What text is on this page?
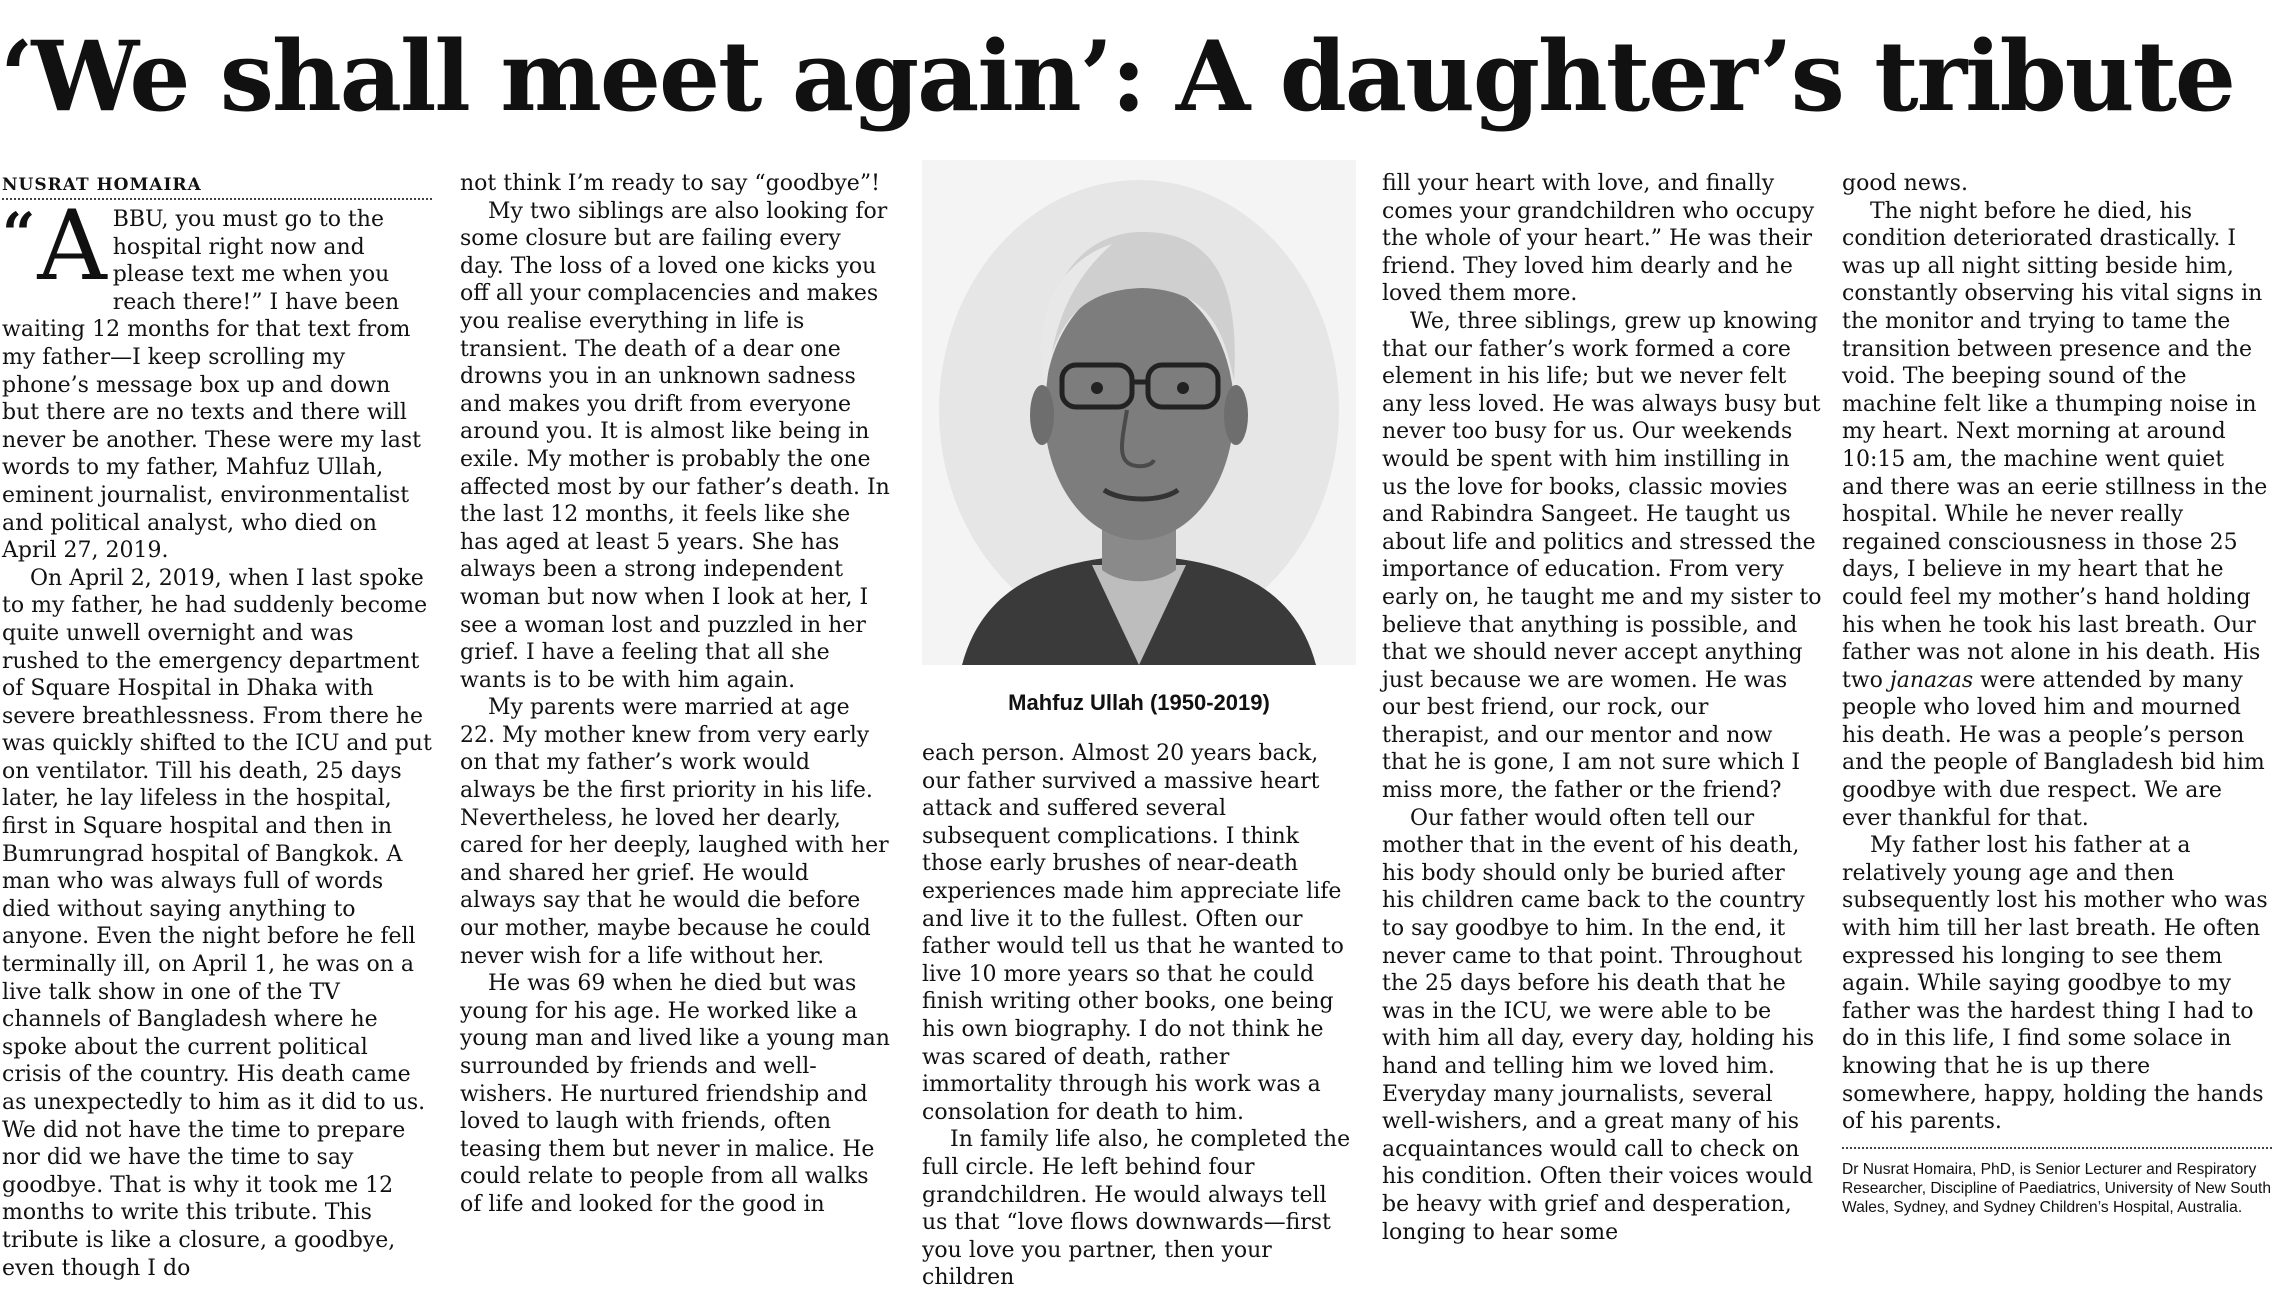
‘We shall meet again’: A daughter’s tribute
NUSRAT HOMAIRA

“ A BBU, you must go to the hospital right now and please text me when you reach there!” I have been waiting 12 months for that text from my father—I keep scrolling my phone’s message box up and down but there are no texts and there will never be another. These were my last words to my father, Mahfuz Ullah, eminent journalist, environmentalist and political analyst, who died on April 27, 2019.

On April 2, 2019, when I last spoke to my father, he had suddenly become quite unwell overnight and was rushed to the emergency department of Square Hospital in Dhaka with severe breathlessness. From there he was quickly shifted to the ICU and put on ventilator. Till his death, 25 days later, he lay lifeless in the hospital, first in Square hospital and then in Bumrungrad hospital of Bangkok. A man who was always full of words died without saying anything to anyone. Even the night before he fell terminally ill, on April 1, he was on a live talk show in one of the TV channels of Bangladesh where he spoke about the current political crisis of the country. His death came as unexpectedly to him as it did to us. We did not have the time to prepare nor did we have the time to say goodbye. That is why it took me 12 months to write this tribute. This tribute is like a closure, a goodbye, even though I do

not think I’m ready to say “goodbye”!

My two siblings are also looking for some closure but are failing every day. The loss of a loved one kicks you off all your complacencies and makes you realise everything in life is transient. The death of a dear one drowns you in an unknown sadness and makes you drift from everyone around you. It is almost like being in exile. My mother is probably the one affected most by our father’s death. In the last 12 months, it feels like she has aged at least 5 years. She has always been a strong independent woman but now when I look at her, I see a woman lost and puzzled in her grief. I have a feeling that all she wants is to be with him again.

My parents were married at age 22. My mother knew from very early on that my father’s work would always be the first priority in his life. Nevertheless, he loved her dearly, cared for her deeply, laughed with her and shared her grief. He would always say that he would die before our mother, maybe because he could never wish for a life without her.

He was 69 when he died but was young for his age. He worked like a young man and lived like a young man surrounded by friends and well-wishers. He nurtured friendship and loved to laugh with friends, often teasing them but never in malice. He could relate to people from all walks of life and looked for the good in

Mahfuz Ullah (1950-2019)

each person. Almost 20 years back, our father survived a massive heart attack and suffered several subsequent complications. I think those early brushes of near-death experiences made him appreciate life and live it to the fullest. Often our father would tell us that he wanted to live 10 more years so that he could finish writing other books, one being his own biography. I do not think he was scared of death, rather immortality through his work was a consolation for death to him.

In family life also, he completed the full circle. He left behind four grandchildren. He would always tell us that “love flows downwards—first you love you partner, then your children

fill your heart with love, and finally comes your grandchildren who occupy the whole of your heart.” He was their friend. They loved him dearly and he loved them more.

We, three siblings, grew up knowing that our father’s work formed a core element in his life; but we never felt any less loved. He was always busy but never too busy for us. Our weekends would be spent with him instilling in us the love for books, classic movies and Rabindra Sangeet. He taught us about life and politics and stressed the importance of education. From very early on, he taught me and my sister to believe that anything is possible, and that we should never accept anything just because we are women. He was our best friend, our rock, our therapist, and our mentor and now that he is gone, I am not sure which I miss more, the father or the friend?

Our father would often tell our mother that in the event of his death, his body should only be buried after his children came back to the country to say goodbye to him. In the end, it never came to that point. Throughout the 25 days before his death that he was in the ICU, we were able to be with him all day, every day, holding his hand and telling him we loved him. Everyday many journalists, several well-wishers, and a great many of his acquaintances would call to check on his condition. Often their voices would be heavy with grief and desperation, longing to hear some

good news.

The night before he died, his condition deteriorated drastically. I was up all night sitting beside him, constantly observing his vital signs in the monitor and trying to tame the transition between presence and the void. The beeping sound of the machine felt like a thumping noise in my heart. Next morning at around 10:15 am, the machine went quiet and there was an eerie stillness in the hospital. While he never really regained consciousness in those 25 days, I believe in my heart that he could feel my mother’s hand holding his when he took his last breath. Our father was not alone in his death. His two janazas were attended by many people who loved him and mourned his death. He was a people’s person and the people of Bangladesh bid him goodbye with due respect. We are ever thankful for that.

My father lost his father at a relatively young age and then subsequently lost his mother who was with him till her last breath. He often expressed his longing to see them again. While saying goodbye to my father was the hardest thing I had to do in this life, I find some solace in knowing that he is up there somewhere, happy, holding the hands of his parents.

Dr Nusrat Homaira, PhD, is Senior Lecturer and Respiratory Researcher, Discipline of Paediatrics, University of New South Wales, Sydney, and Sydney Children’s Hospital, Australia.
